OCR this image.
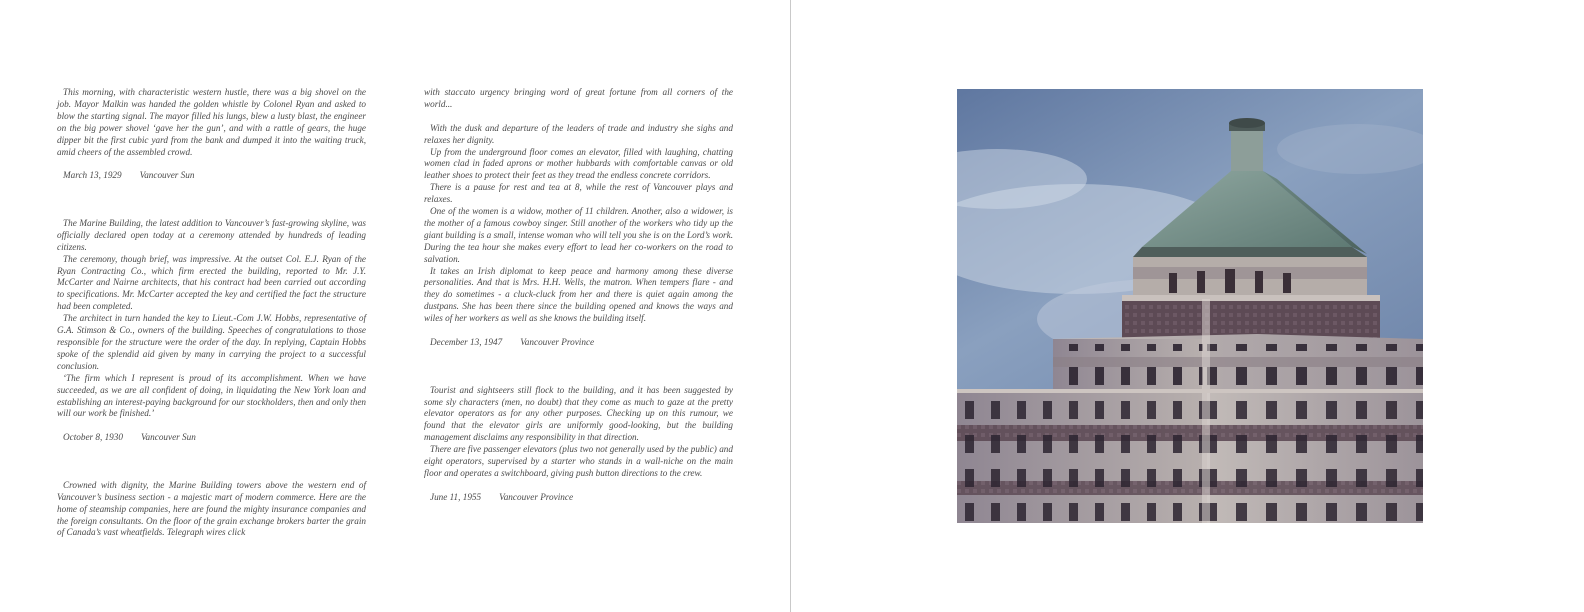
This morning, with characteristic western hustle, there was a big shovel on the job. Mayor Malkin was handed the golden whistle by Colonel Ryan and asked to blow the starting signal. The mayor filled his lungs, blew a lusty blast, the engineer on the big power shovel ‘gave her the gun’, and with a rattle of gears, the huge dipper bit the first cubic yard from the bank and dumped it into the waiting truck, amid cheers of the assembled crowd.

March 13, 1929 Vancouver Sun

The Marine Building, the latest addition to Vancouver’s fast-growing skyline, was officially declared open today at a ceremony attended by hundreds of leading citizens.

The ceremony, though brief, was impressive. At the outset Col. E.J. Ryan of the Ryan Contracting Co., which firm erected the building, reported to Mr. J.Y. McCarter and Nairne architects, that his contract had been carried out according to specifications. Mr. McCarter accepted the key and certified the fact the structure had been completed.

The architect in turn handed the key to Lieut.-Com J.W. Hobbs, representative of G.A. Stimson & Co., owners of the building. Speeches of congratulations to those responsible for the structure were the order of the day. In replying, Captain Hobbs spoke of the splendid aid given by many in carrying the project to a successful conclusion.

‘The firm which I represent is proud of its accomplishment. When we have succeeded, as we are all confident of doing, in liquidating the New York loan and establishing an interest-paying background for our stockholders, then and only then will our work be finished.’

October 8, 1930 Vancouver Sun

Crowned with dignity, the Marine Building towers above the western end of Vancouver’s business section - a majestic mart of modern commerce. Here are the home of steamship companies, here are found the mighty insurance companies and the foreign consultants. On the floor of the grain exchange brokers barter the grain of Canada’s vast wheatfields. Telegraph wires click

with staccato urgency bringing word of great fortune from all corners of the world...

With the dusk and departure of the leaders of trade and industry she sighs and relaxes her dignity.

Up from the underground floor comes an elevator, filled with laughing, chatting women clad in faded aprons or mother hubbards with comfortable canvas or old leather shoes to protect their feet as they tread the endless concrete corridors.

There is a pause for rest and tea at 8, while the rest of Vancouver plays and relaxes.

One of the women is a widow, mother of 11 children. Another, also a widower, is the mother of a famous cowboy singer. Still another of the workers who tidy up the giant building is a small, intense woman who will tell you she is on the Lord’s work. During the tea hour she makes every effort to lead her co-workers on the road to salvation.

It takes an Irish diplomat to keep peace and harmony among these diverse personalities. And that is Mrs. H.H. Wells, the matron. When tempers flare - and they do sometimes - a cluck-cluck from her and there is quiet again among the dustpans. She has been there since the building opened and knows the ways and wiles of her workers as well as she knows the building itself.

December 13, 1947 Vancouver Province

Tourist and sightseers still flock to the building, and it has been suggested by some sly characters (men, no doubt) that they come as much to gaze at the pretty elevator operators as for any other purposes. Checking up on this rumour, we found that the elevator girls are uniformly good-looking, but the building management disclaims any responsibility in that direction.

There are five passenger elevators (plus two not generally used by the public) and eight operators, supervised by a starter who stands in a wall-niche on the main floor and operates a switchboard, giving push button directions to the crew.

June 11, 1955 Vancouver Province
